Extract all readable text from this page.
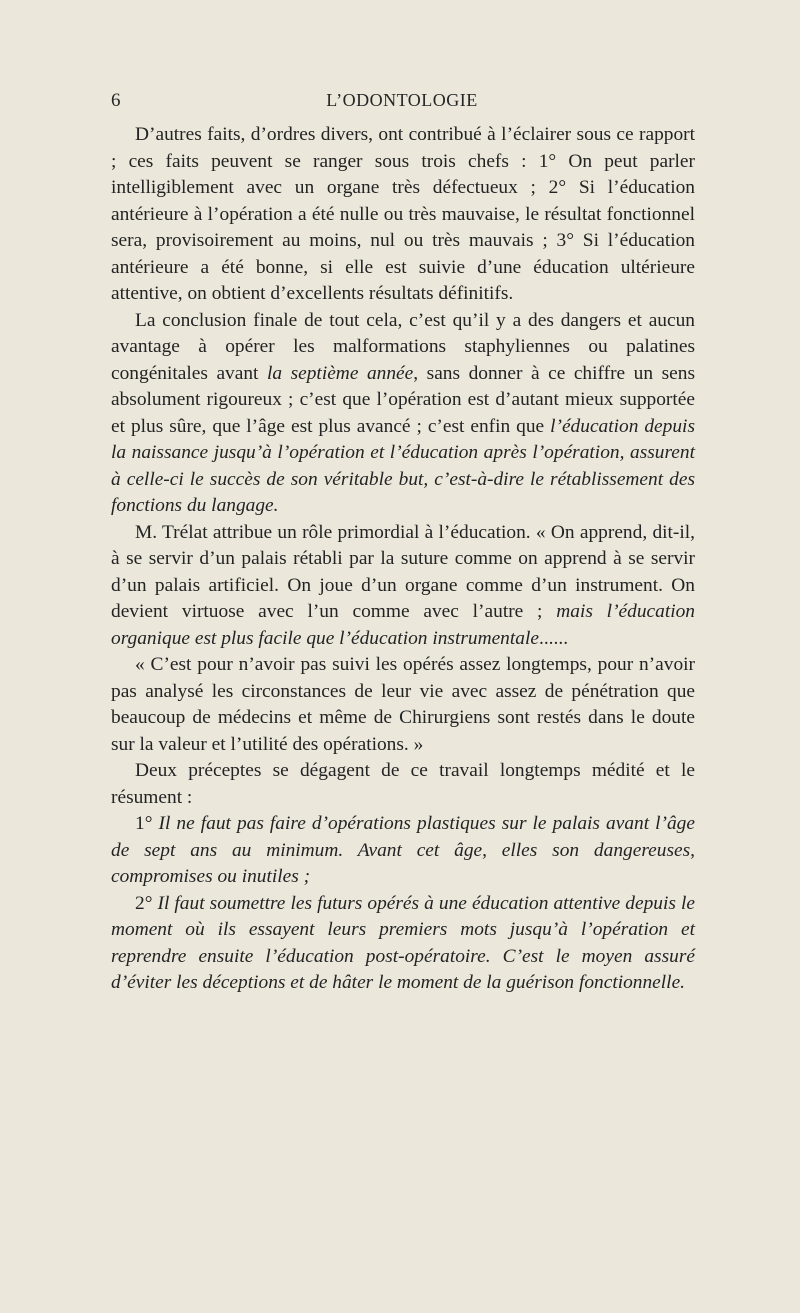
6	L’ODONTOLOGIE

D’autres faits, d’ordres divers, ont contribué à l’éclairer sous ce rapport ; ces faits peuvent se ranger sous trois chefs : 1° On peut parler intelligiblement avec un organe très défectueux ; 2° Si l’éducation antérieure à l’opération a été nulle ou très mauvaise, le résultat fonctionnel sera, provisoirement au moins, nul ou très mauvais ; 3° Si l’éducation antérieure a été bonne, si elle est suivie d’une éducation ultérieure attentive, on obtient d’excellents résultats définitifs.

La conclusion finale de tout cela, c’est qu’il y a des dangers et aucun avantage à opérer les malformations staphyliennes ou palatines congénitales avant la septième année, sans donner à ce chiffre un sens absolument rigoureux ; c’est que l’opération est d’autant mieux supportée et plus sûre, que l’âge est plus avancé ; c’est enfin que l’éducation depuis la naissance jusqu’à l’opération et l’éducation après l’opération, assurent à celle-ci le succès de son véritable but, c’est-à-dire le rétablissement des fonctions du langage.

M. Trélat attribue un rôle primordial à l’éducation. « On apprend, dit-il, à se servir d’un palais rétabli par la suture comme on apprend à se servir d’un palais artificiel. On joue d’un organe comme d’un instrument. On devient virtuose avec l’un comme avec l’autre ; mais l’éducation organique est plus facile que l’éducation instrumentale......

« C’est pour n’avoir pas suivi les opérés assez longtemps, pour n’avoir pas analysé les circonstances de leur vie avec assez de pénétration que beaucoup de médecins et même de Chirurgiens sont restés dans le doute sur la valeur et l’utilité des opérations. »

Deux préceptes se dégagent de ce travail longtemps médité et le résument :

1° Il ne faut pas faire d’opérations plastiques sur le palais avant l’âge de sept ans au minimum. Avant cet âge, elles son dangereuses, compromises ou inutiles ;

2° Il faut soumettre les futurs opérés à une éducation attentive depuis le moment où ils essayent leurs premiers mots jusqu’à l’opération et reprendre ensuite l’éducation post-opératoire. C’est le moyen assuré d’éviter les déceptions et de hâter le moment de la guérison fonctionnelle.
